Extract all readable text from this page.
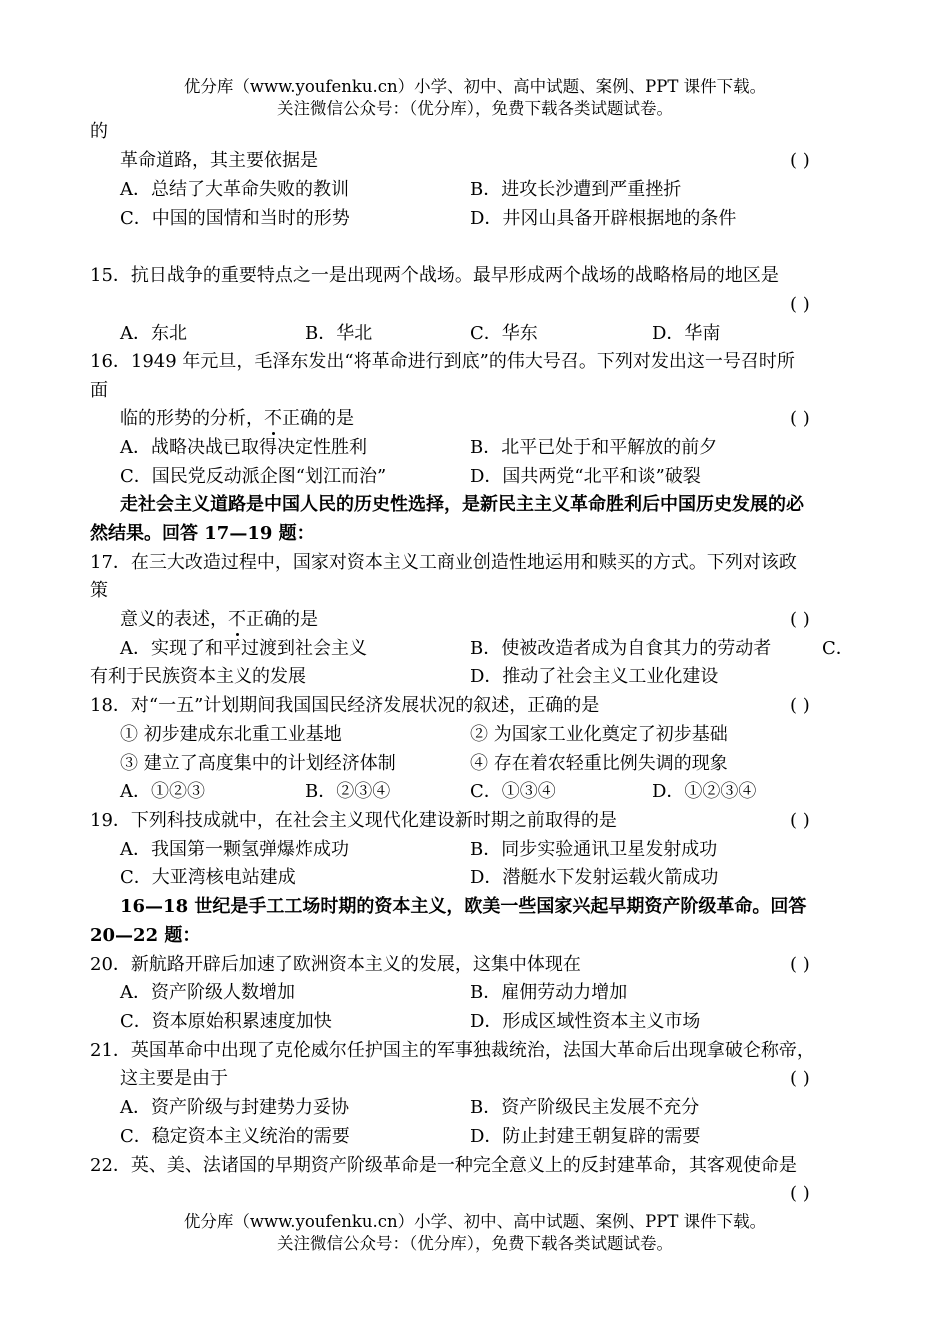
优分库（www.youfenku.cn）小学、初中、高中试题、案例、PPT 课件下载。
关注微信公众号：（优分库），免费下载各类试题试卷。
的
革命道路，其主要依据是	( )
A．总结了大革命失败的教训	B．进攻长沙遭到严重挫折
C．中国的国情和当时的形势	D．井冈山具备开辟根据地的条件
15．抗日战争的重要特点之一是出现两个战场。最早形成两个战场的战略格局的地区是
( )
A．东北	B．华北	C．华东	D．华南
16．1949 年元旦，毛泽东发出“将革命进行到底”的伟大号召。下列对发出这一号召时所
面
临的形势的分析，不正确的是	( )
A．战略决战已取得决定性胜利	B．北平已处于和平解放的前夕
C．国民党反动派企图“划江而治”	D．国共两党“北平和谈”破裂
走社会主义道路是中国人民的历史性选择，是新民主主义革命胜利后中国历史发展的必
然结果。回答 17—19 题：
17．在三大改造过程中，国家对资本主义工商业创造性地运用和赎买的方式。下列对该政
策
意义的表述，不正确的是	( )
A．实现了和平过渡到社会主义	B．使被改造者成为自食其力的劳动者	C．
有利于民族资本主义的发展	D．推动了社会主义工业化建设
18．对“一五”计划期间我国国民经济发展状况的叙述，正确的是	( )
① 初步建成东北重工业基地	② 为国家工业化奠定了初步基础
③ 建立了高度集中的计划经济体制	④ 存在着农轻重比例失调的现象
A．①②③	B．②③④	C．①③④	D．①②③④
19．下列科技成就中，在社会主义现代化建设新时期之前取得的是	( )
A．我国第一颗氢弹爆炸成功	B．同步实验通讯卫星发射成功
C．大亚湾核电站建成	D．潜艇水下发射运载火箭成功
16—18 世纪是手工工场时期的资本主义，欧美一些国家兴起早期资产阶级革命。回答
20—22 题：
20．新航路开辟后加速了欧洲资本主义的发展，这集中体现在	( )
A．资产阶级人数增加	B．雇佣劳动力增加
C．资本原始积累速度加快	D．形成区域性资本主义市场
21．英国革命中出现了克伦威尔任护国主的军事独裁统治，法国大革命后出现拿破仑称帝，
这主要是由于	( )
A．资产阶级与封建势力妥协	B．资产阶级民主发展不充分
C．稳定资本主义统治的需要	D．防止封建王朝复辟的需要
22．英、美、法诸国的早期资产阶级革命是一种完全意义上的反封建革命，其客观使命是
( )
优分库（www.youfenku.cn）小学、初中、高中试题、案例、PPT 课件下载。
关注微信公众号：（优分库），免费下载各类试题试卷。
